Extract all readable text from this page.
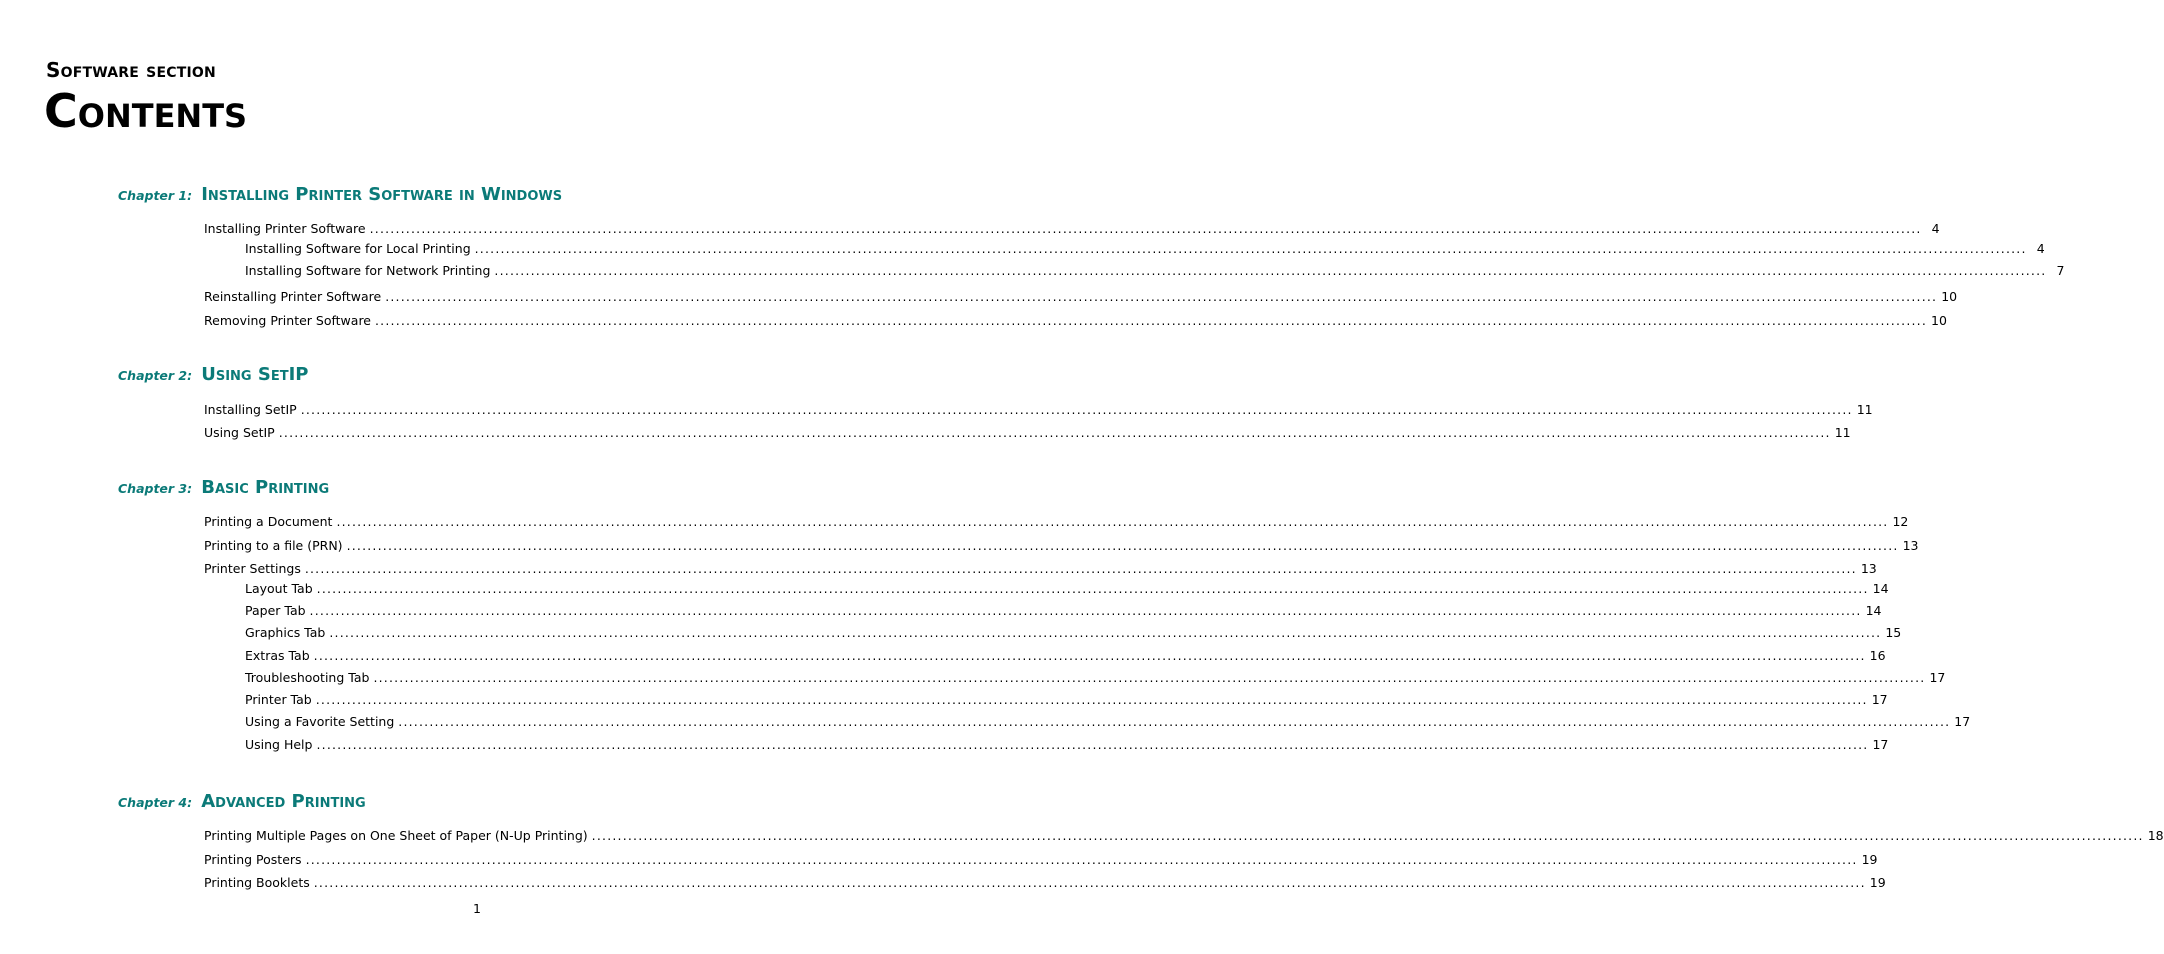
Software section
Contents
Chapter 1: Installing Printer Software in Windows
Installing Printer Software ............................................................................................................................................................................................................................................................................................................ 4
Installing Software for Local Printing ............................................................................................................................................................................................................................................................................................................ 4
Installing Software for Network Printing ............................................................................................................................................................................................................................................................................................................ 7
Reinstalling Printer Software ............................................................................................................................................................................................................................................................................................................ 10
Removing Printer Software ............................................................................................................................................................................................................................................................................................................ 10
Chapter 2: Using SetIP
Installing SetIP ............................................................................................................................................................................................................................................................................................................ 11
Using SetIP ............................................................................................................................................................................................................................................................................................................ 11
Chapter 3: Basic Printing
Printing a Document ............................................................................................................................................................................................................................................................................................................ 12
Printing to a file (PRN) ............................................................................................................................................................................................................................................................................................................ 13
Printer Settings ............................................................................................................................................................................................................................................................................................................ 13
Layout Tab ............................................................................................................................................................................................................................................................................................................ 14
Paper Tab ............................................................................................................................................................................................................................................................................................................ 14
Graphics Tab ............................................................................................................................................................................................................................................................................................................ 15
Extras Tab ............................................................................................................................................................................................................................................................................................................ 16
Troubleshooting Tab ............................................................................................................................................................................................................................................................................................................ 17
Printer Tab ............................................................................................................................................................................................................................................................................................................ 17
Using a Favorite Setting ............................................................................................................................................................................................................................................................................................................ 17
Using Help ............................................................................................................................................................................................................................................................................................................ 17
Chapter 4: Advanced Printing
Printing Multiple Pages on One Sheet of Paper (N-Up Printing) ............................................................................................................................................................................................................................................................................................................ 18
Printing Posters ............................................................................................................................................................................................................................................................................................................ 19
Printing Booklets ............................................................................................................................................................................................................................................................................................................ 19
1
